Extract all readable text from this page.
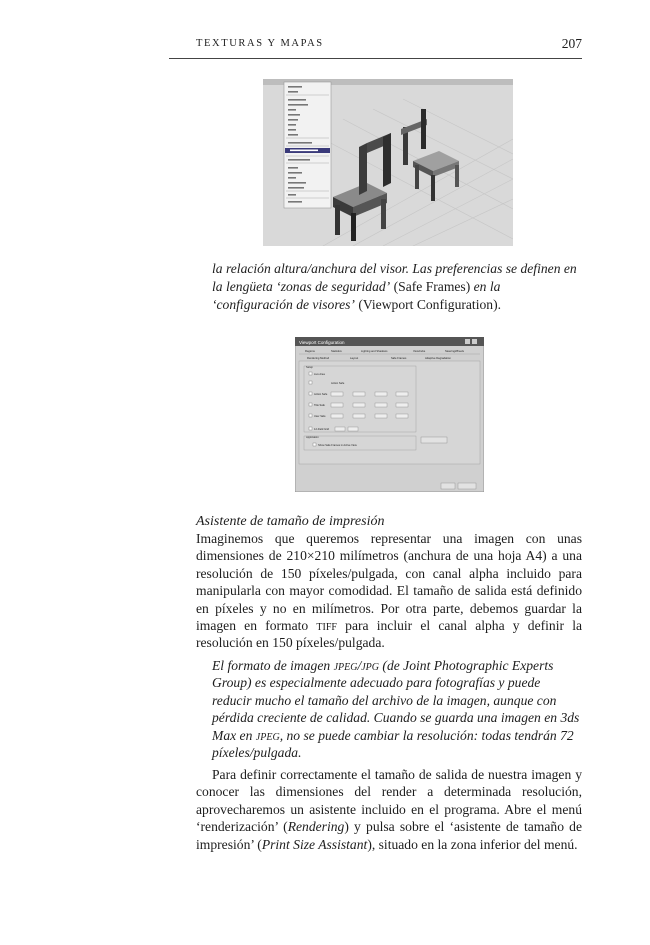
TEXTURAS Y MAPAS	207
la relación altura/anchura del visor. Las preferencias se definen en la lengüeta ‘zonas de seguridad’ (Safe Frames) en la ‘configuración de visores’ (Viewport Configuration).
Viewport Configuration
Regions	Statistics	Lighting and Shadows	ViewCube	SteeringWheels
Rendering Method	Layout	Safe Frames	Adaptive Degradation
Setup
Live Area
Action Safe
Action Safe
Title Safe
User Safe
12-Field Grid
Application
Show Safe Frames in Active View
Asistente de tamaño de impresión
Imaginemos que queremos representar una imagen con unas dimensiones de 210×210 milímetros (anchura de una hoja A4) a una resolución de 150 píxeles/pulgada, con canal alpha incluido para manipularla con mayor comodidad. El tamaño de salida está definido en píxeles y no en milímetros. Por otra parte, debemos guardar la imagen en formato tiff para incluir el canal alpha y definir la resolución en 150 píxeles/pulgada.
El formato de imagen jpeg/jpg (de Joint Photographic Experts Group) es especialmente adecuado para fotografías y puede reducir mucho el tamaño del archivo de la imagen, aunque con pérdida creciente de calidad. Cuando se guarda una imagen en 3ds Max en jpeg, no se puede cambiar la resolución: todas tendrán 72 píxeles/pulgada.
Para definir correctamente el tamaño de salida de nuestra imagen y conocer las dimensiones del render a determinada resolución, aprovecharemos un asistente incluido en el programa. Abre el menú ‘renderización’ (Rendering) y pulsa sobre el ‘asistente de tamaño de impresión’ (Print Size Assistant), situado en la zona inferior del menú.
